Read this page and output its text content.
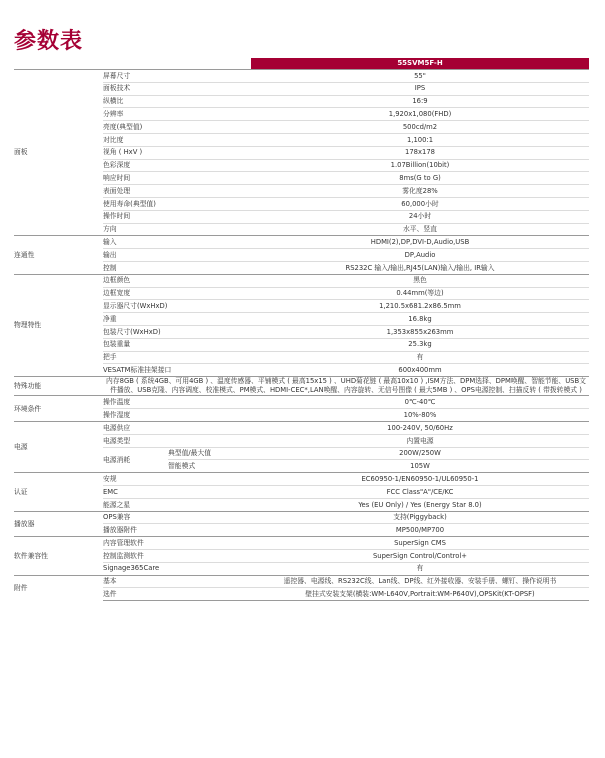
参数表
			55SVM5F-H
面板	屏幕尺寸		55"
	面板技术		IPS
	纵横比		16:9
	分辨率		1,920x1,080(FHD)
	亮度(典型值)		500cd/m2
	对比度		1,100:1
	视角 ( HxV )		178x178
	色彩深度		1.07Billion(10bit)
	响应时间		8ms(G to G)
	表面处理		雾化度28%
	使用寿命(典型值)		60,000小时
	操作时间		24小时
	方向		水平、竖直
连通性	输入		HDMI(2),DP,DVI-D,Audio,USB
	输出		DP,Audio
	控制		RS232C 输入/输出,RJ45(LAN)输入/输出, IR输入
物理特性	边框颜色		黑色
	边框宽度		0.44mm(等边)
	显示器尺寸(WxHxD)		1,210.5x681.2x86.5mm
	净重		16.8kg
	包装尺寸(WxHxD)		1,353x855x263mm
	包装重量		25.3kg
	把手		有
	VESATM标准挂架接口		600x400mm
特殊功能	内存8GB ( 系统4GB、可用4GB ) 、温度传感器、平铺模式 ( 最高15x15 ) 、UHD菊花链 ( 最高10x10 ) ,ISM方法、DPM选择、DPM唤醒、智能节能、USB文件播放、USB克隆、内容调度、校准模式、PM模式、HDMI-CEC*,LAN唤醒、内容旋转、无信号图像 ( 最大5MB ) 、OPS电源控制、扫描反转 ( 带拨转模式 )		
环境条件	操作温度		0℃-40℃
	操作湿度		10%-80%
电源	电源供应		100-240V, 50/60Hz
	电源类型		内置电源
	电源消耗	典型值/最大值	200W/250W
		智能模式	105W
认证	安规		EC60950-1/EN60950-1/UL60950-1
	EMC		FCC Class"A"/CE/KC
	能源之星		Yes (EU Only) / Yes (Energy Star 8.0)
播放器	OPS兼容		支持(Piggyback)
	播放器附件		MP500/MP700
软件兼容性	内容管理软件		SuperSign CMS
	控制监测软件		SuperSign Control/Control+
	Signage365Care		有
附件	基本		遥控器、电源线、RS232C线、Lan线、DP线、红外接收器、安装手册、螺钉、操作说明书
	选件		壁挂式安装支架(横装:WM-L640V,Portrait:WM-P640V),OPSKit(KT-OPSF)
